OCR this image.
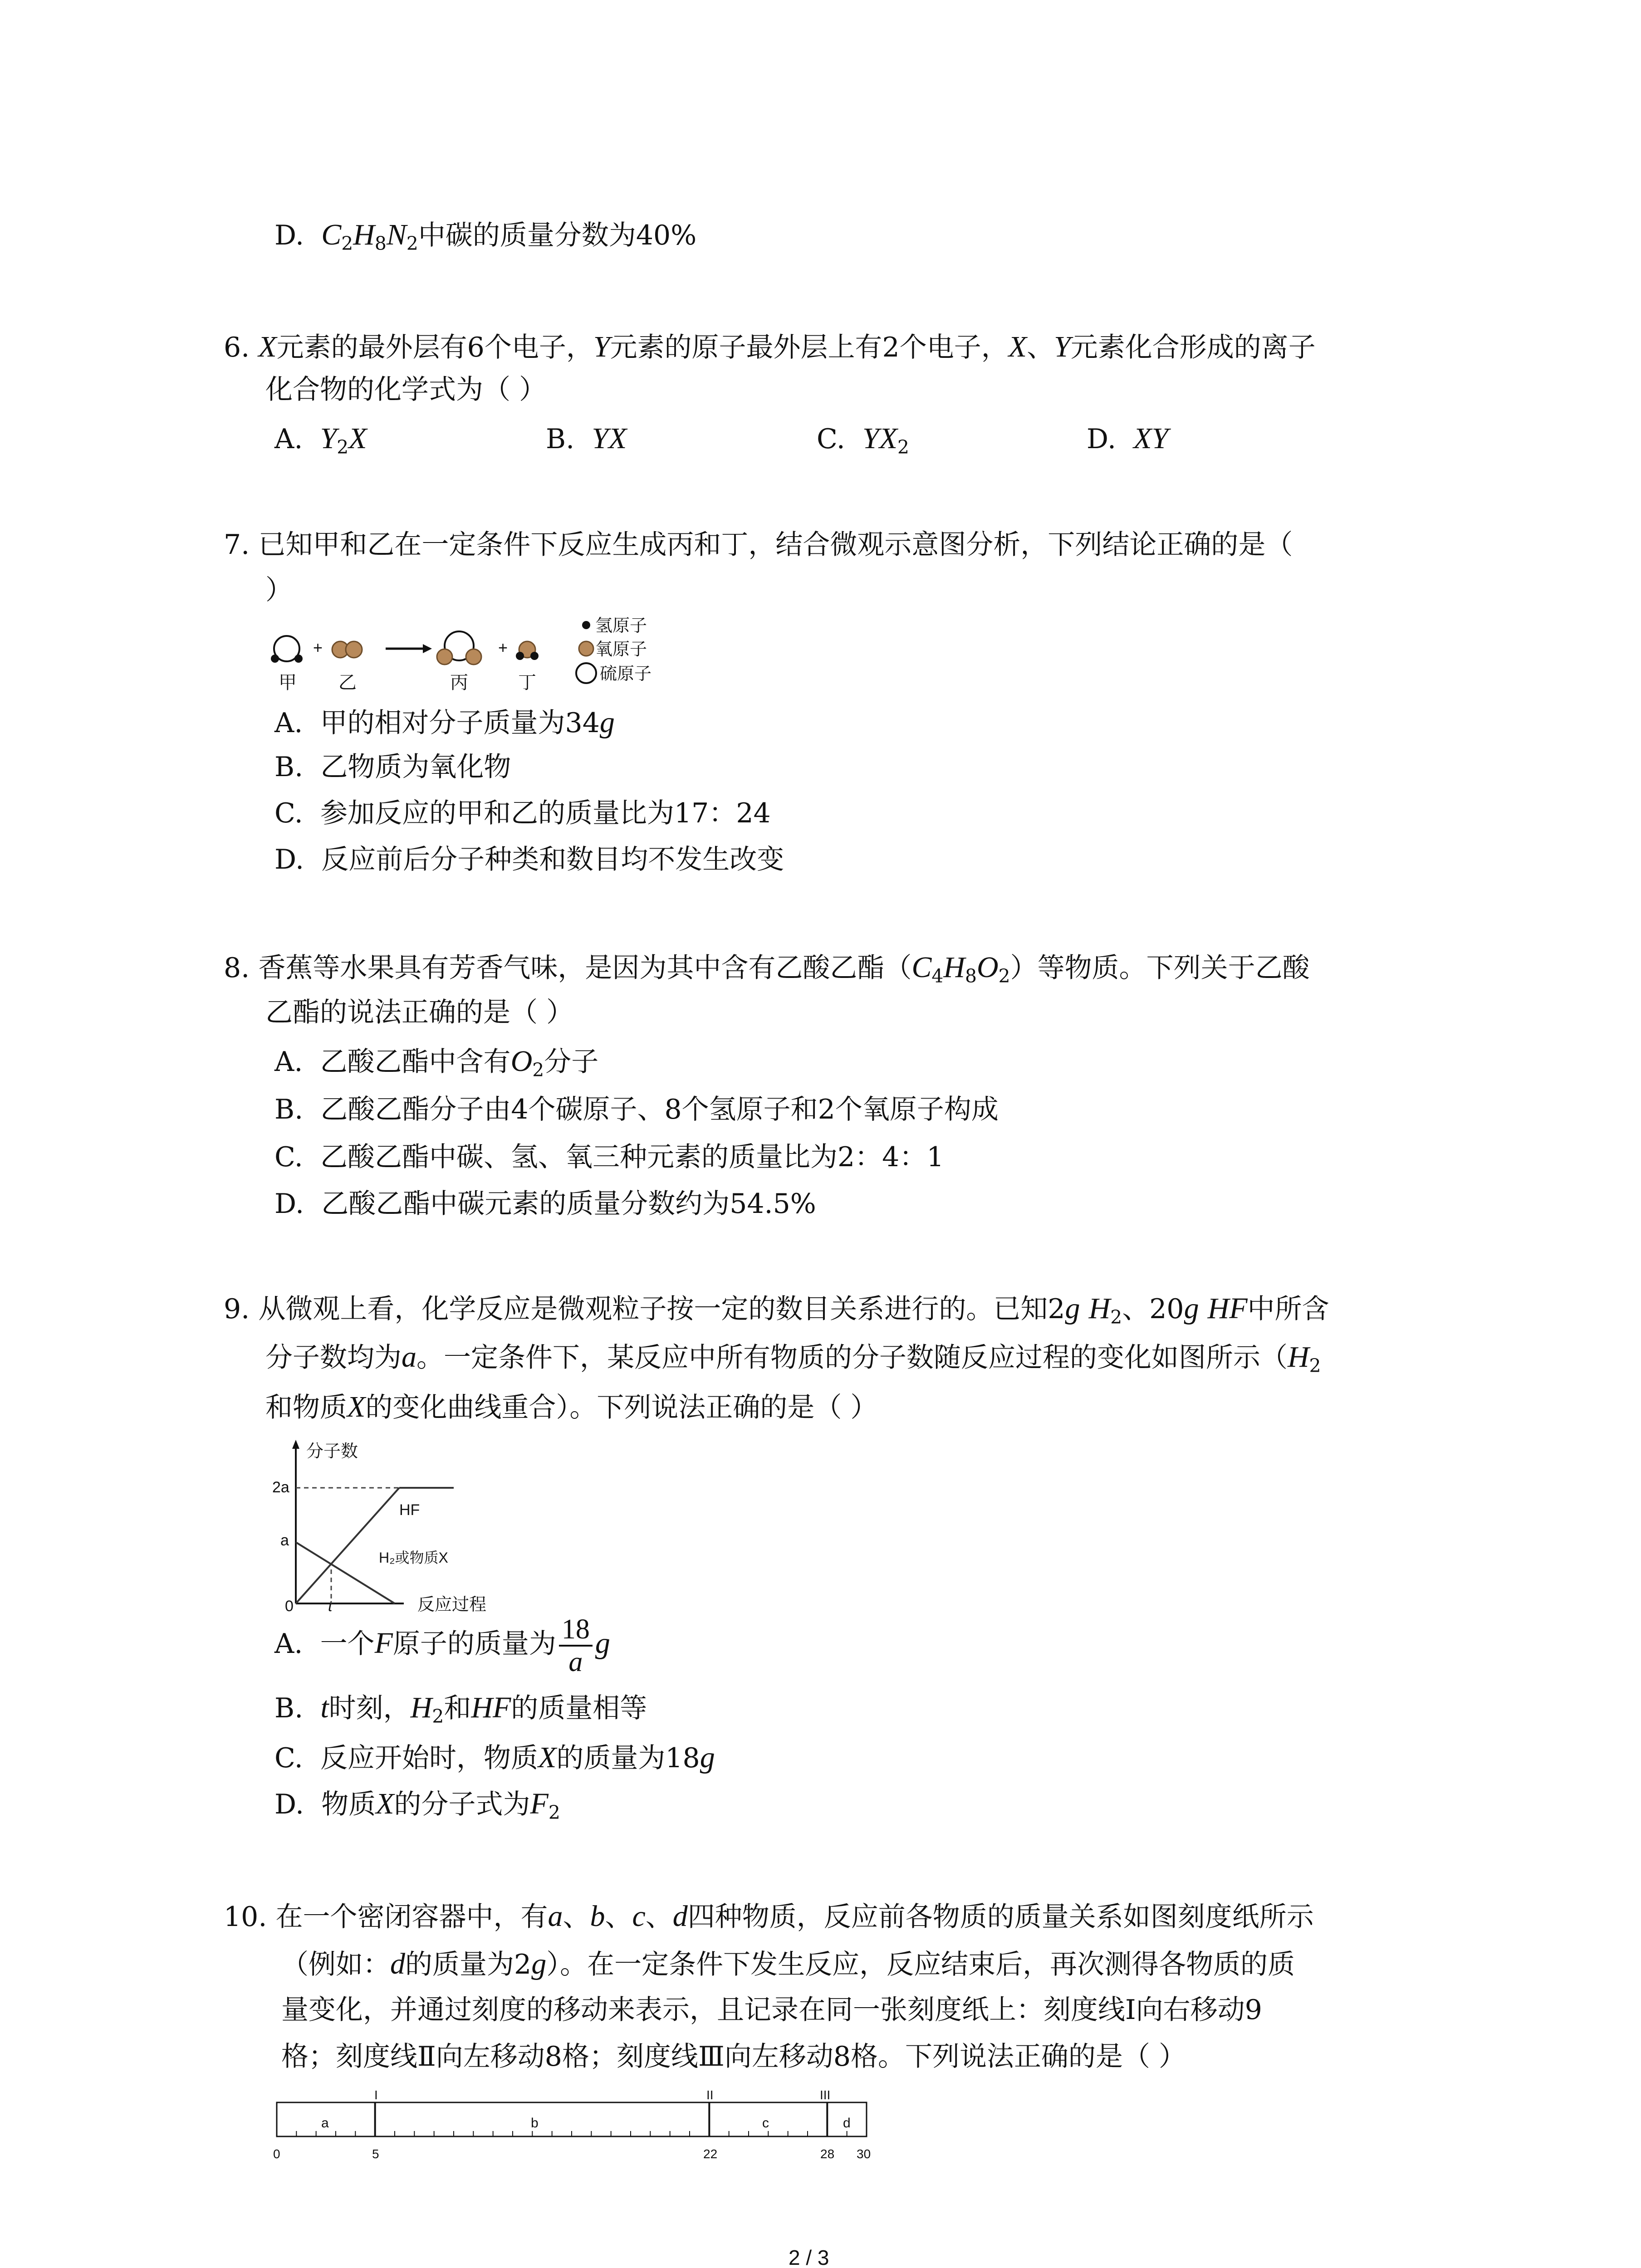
D. $C_2H_8N_2$中碳的质量分数为40%
6. X元素的最外层有6个电子，Y元素的原子最外层上有2个电子，X、Y元素化合形成的离子
化合物的化学式为（ ）
A. $Y_2X$	B. YX	C. $YX_2$	D. XY
7. 已知甲和乙在一定条件下反应生成丙和丁，结合微观示意图分析，下列结论正确的是（
）
+	+
甲 乙	丙	丁
氢原子
氧原子
硫原子
A. 甲的相对分子质量为34g
B. 乙物质为氧化物
C. 参加反应的甲和乙的质量比为17：24
D. 反应前后分子种类和数目均不发生改变
8. 香蕉等水果具有芳香气味，是因为其中含有乙酸乙酯$(C_4H_8O_2)$等物质。下列关于乙酸
乙酯的说法正确的是（ ）
A. 乙酸乙酯中含有$O_2$分子
B. 乙酸乙酯分子由4个碳原子、8个氢原子和2个氧原子构成
C. 乙酸乙酯中碳、氢、氧三种元素的质量比为2：4：1
D. 乙酸乙酯中碳元素的质量分数约为54.5%
9. 从微观上看，化学反应是微观粒子按一定的数目关系进行的。已知2g $H_2$、20g HF中所含
分子数均为a。一定条件下，某反应中所有物质的分子数随反应过程的变化如图所示（$H_2$
和物质X的变化曲线重合）。下列说法正确的是（ ）
分子数
反应过程
2a
a
0 t
HF
H₂或物质X
A. 一个F原子的质量为 $\frac{18}{a}$ g
B. t时刻，$H_2$和HF的质量相等
C. 反应开始时，物质X的质量为18g
D. 物质X的分子式为$F_2$
10. 在一个密闭容器中，有a、b、c、d四种物质，反应前各物质的质量关系如图刻度纸所示
（例如：d的质量为2g）。在一定条件下发生反应，反应结束后，再次测得各物质的质
量变化，并通过刻度的移动来表示，且记录在同一张刻度纸上：刻度线Ⅰ向右移动9
格；刻度线Ⅱ向左移动8格；刻度线Ⅲ向左移动8格。下列说法正确的是（ ）
I	II	III
a	b	c	d
0	5	22	28 30
2 / 3
